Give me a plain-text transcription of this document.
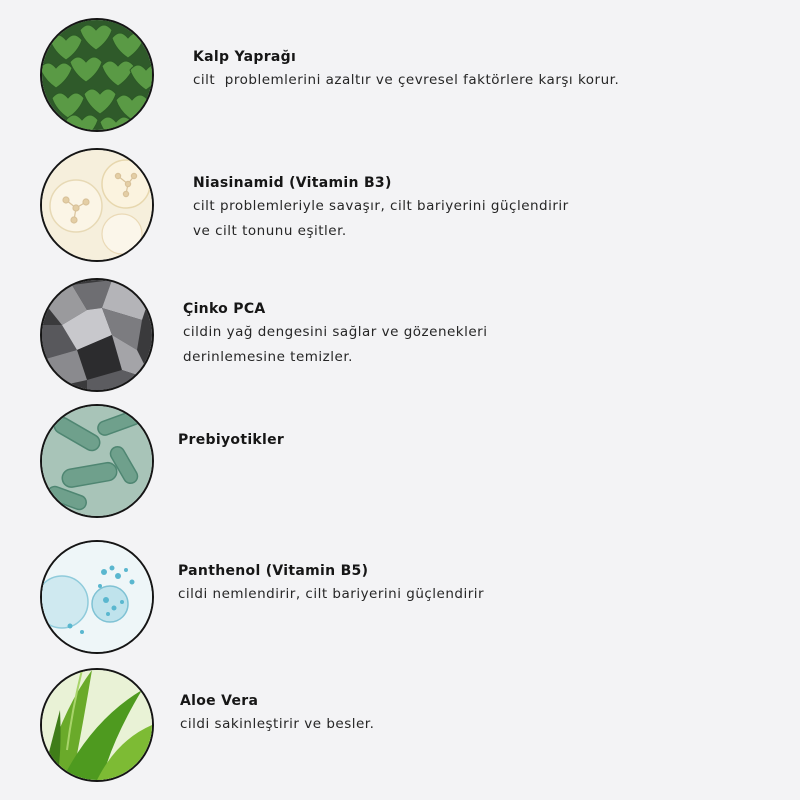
Kalp Yaprağı
cilt  problemlerini azaltır ve çevresel faktörlere karşı korur.
Niasinamid (Vitamin B3)
cilt problemleriyle savaşır, cilt bariyerini güçlendirir
ve cilt tonunu eşitler.
Çinko PCA
cildin yağ dengesini sağlar ve gözenekleri
derinlemesine temizler.
Prebiyotikler
Panthenol (Vitamin B5)
cildi nemlendirir, cilt bariyerini güçlendirir
Aloe Vera
cildi sakinleştirir ve besler.
